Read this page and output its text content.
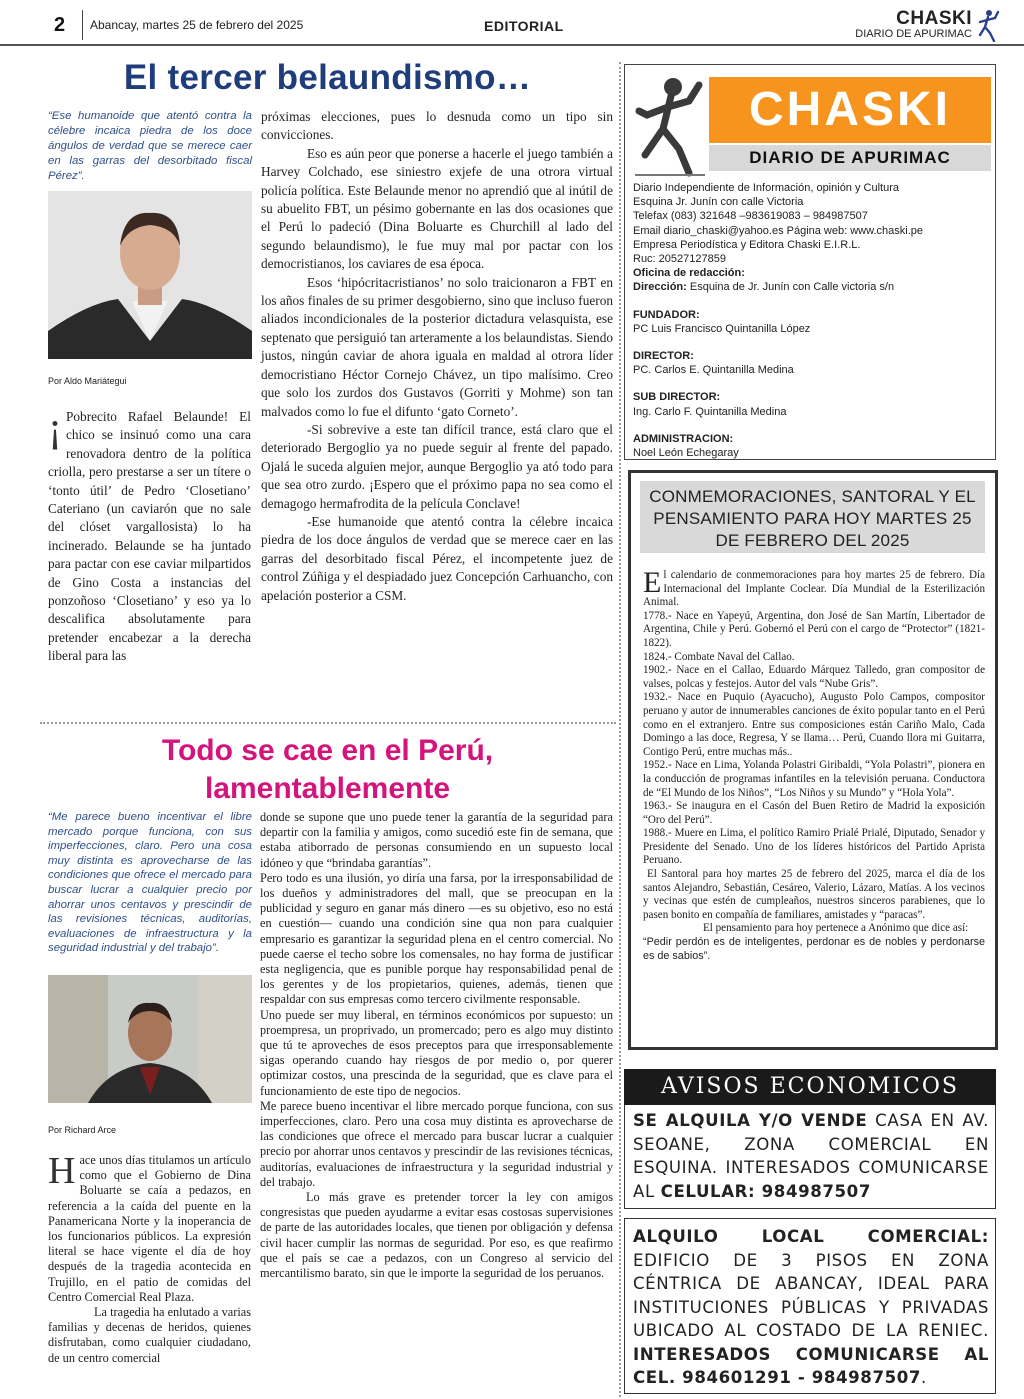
2 Abancay, martes 25 de febrero del 2025	EDITORIAL	CHASKI
DIARIO DE APURIMAC
El tercer belaundismo…
“Ese humanoide que atentó contra la célebre incaica piedra de los doce ángulos de verdad que se merece caer en las garras del desorbitado fiscal Pérez”.
Por Aldo Mariátegui
¡ Pobrecito Rafael Belaunde! El chico se insinuó como una cara renovadora dentro de la política criolla, pero prestarse a ser un títere o ‘tonto útil’ de Pedro ‘Closetiano’ Cateriano (un caviarón que no sale del clóset vargallosista) lo ha incinerado. Belaunde se ha juntado para pactar con ese caviar milpartidos de Gino Costa a instancias del ponzoñoso ‘Closetiano’ y eso ya lo descalifica absolutamente para pretender encabezar a la derecha liberal para las

próximas elecciones, pues lo desnuda como un tipo sin convicciones.

Eso es aún peor que ponerse a hacerle el juego también a Harvey Colchado, ese siniestro exjefe de una otrora virtual policía política. Este Belaunde menor no aprendió que al inútil de su abuelito FBT, un pésimo gobernante en las dos ocasiones que el Perú lo padeció (Dina Boluarte es Churchill al lado del segundo belaundismo), le fue muy mal por pactar con los democristianos, los caviares de esa época.

Esos ‘hipócritacristianos’ no solo traicionaron a FBT en los años finales de su primer desgobierno, sino que incluso fueron aliados incondicionales de la posterior dictadura velasquista, ese septenato que persiguió tan arteramente a los belaundistas. Siendo justos, ningún caviar de ahora iguala en maldad al otrora líder democristiano Héctor Cornejo Chávez, un tipo malísimo. Creo que solo los zurdos dos Gustavos (Gorriti y Mohme) son tan malvados como lo fue el difunto ‘gato Corneto’.

-Si sobrevive a este tan difícil trance, está claro que el deteriorado Bergoglio ya no puede seguir al frente del papado. Ojalá le suceda alguien mejor, aunque Bergoglio ya ató todo para que sea otro zurdo. ¡Espero que el próximo papa no sea como el demagogo hermafrodita de la película Conclave!

-Ese humanoide que atentó contra la célebre incaica piedra de los doce ángulos de verdad que se merece caer en las garras del desorbitado fiscal Pérez, el incompetente juez de control Zúñiga y el despiadado juez Concepción Carhuancho, con apelación posterior a CSM.

Todo se cae en el Perú, lamentablemente
“Me parece bueno incentivar el libre mercado porque funciona, con sus imperfecciones, claro. Pero una cosa muy distinta es aprovecharse de las condiciones que ofrece el mercado para buscar lucrar a cualquier precio por ahorrar unos centavos y prescindir de las revisiones técnicas, auditorías, evaluaciones de infraestructura y la seguridad industrial y del trabajo”.
Por Richard Arce
H ace unos días titulamos un artículo como que el Gobierno de Dina Boluarte se caía a pedazos, en referencia a la caída del puente en la Panamericana Norte y la inoperancia de los funcionarios públicos. La expresión literal se hace vigente el día de hoy después de la tragedia acontecida en Trujillo, en el patio de comidas del Centro Comercial Real Plaza.

La tragedia ha enlutado a varias familias y decenas de heridos, quienes disfrutaban, como cualquier ciudadano, de un centro comercial

donde se supone que uno puede tener la garantía de la seguridad para departir con la familia y amigos, como sucedió este fin de semana, que estaba atiborrado de personas consumiendo en un supuesto local idóneo y que “brindaba garantías”.

Pero todo es una ilusión, yo diría una farsa, por la irresponsabilidad de los dueños y administradores del mall, que se preocupan en la publicidad y seguro en ganar más dinero —es su objetivo, eso no está en cuestión— cuando una condición sine qua non para cualquier empresario es garantizar la seguridad plena en el centro comercial. No puede caerse el techo sobre los comensales, no hay forma de justificar esta negligencia, que es punible porque hay responsabilidad penal de los gerentes y de los propietarios, quienes, además, tienen que respaldar con sus empresas como tercero civilmente responsable.

Uno puede ser muy liberal, en términos económicos por supuesto: un proempresa, un proprivado, un promercado; pero es algo muy distinto que tú te aproveches de esos preceptos para que irresponsablemente sigas operando cuando hay riesgos de por medio o, por querer optimizar costos, una prescinda de la seguridad, que es clave para el funcionamiento de este tipo de negocios.

Me parece bueno incentivar el libre mercado porque funciona, con sus imperfecciones, claro. Pero una cosa muy distinta es aprovecharse de las condiciones que ofrece el mercado para buscar lucrar a cualquier precio por ahorrar unos centavos y prescindir de las revisiones técnicas, auditorías, evaluaciones de infraestructura y la seguridad industrial y del trabajo.

Lo más grave es pretender torcer la ley con amigos congresistas que pueden ayudarme a evitar esas costosas supervisiones de parte de las autoridades locales, que tienen por obligación y defensa civil hacer cumplir las normas de seguridad. Por eso, es que reafirmo que el país se cae a pedazos, con un Congreso al servicio del mercantilismo barato, sin que le importe la seguridad de los peruanos.

CHASKI
DIARIO DE APURIMAC
Diario Independiente de Información, opinión y Cultura
Esquina Jr. Junín con calle Victoria
Telefax (083) 321648 –983619083 – 984987507
Email diario_chaski@yahoo.es Página web: www.chaski.pe
Empresa Periodística y Editora Chaski E.I.R.L.
Ruc: 20527127859
Oficina de redacción:
Dirección: Esquina de Jr. Junín con Calle victoria s/n
FUNDADOR:
PC Luis Francisco Quintanilla López
DIRECTOR:
PC. Carlos E. Quintanilla Medina
SUB DIRECTOR:
Ing. Carlo F. Quintanilla Medina
ADMINISTRACION:
Noel León Echegaray
CONMEMORACIONES, SANTORAL Y EL PENSAMIENTO PARA HOY MARTES 25 DE FEBRERO DEL 2025
E l calendario de conmemoraciones para hoy martes 25 de febrero. Día Internacional del Implante Coclear. Día Mundial de la Esterilización Animal.

1778.- Nace en Yapeyú, Argentina, don José de San Martín, Libertador de Argentina, Chile y Perú. Gobernó el Perú con el cargo de “Protector” (1821-1822).

1824.- Combate Naval del Callao.

1902.- Nace en el Callao, Eduardo Márquez Talledo, gran compositor de valses, polcas y festejos. Autor del vals “Nube Gris”.

1932.- Nace en Puquio (Ayacucho), Augusto Polo Campos, compositor peruano y autor de innumerables canciones de éxito popular tanto en el Perú como en el extranjero. Entre sus composiciones están Cariño Malo, Cada Domingo a las doce, Regresa, Y se llama… Perú, Cuando llora mi Guitarra, Contigo Perú, entre muchas más..

1952.- Nace en Lima, Yolanda Polastri Giribaldi, “Yola Polastri”, pionera en la conducción de programas infantiles en la televisión peruana. Conductora de “El Mundo de los Niños”, “Los Niños y su Mundo” y “Hola Yola”.

1963.- Se inaugura en el Casón del Buen Retiro de Madrid la exposición “Oro del Perú”.

1988.- Muere en Lima, el político Ramiro Prialé Prialé, Diputado, Senador y Presidente del Senado. Uno de los líderes históricos del Partido Aprista Peruano.

El Santoral para hoy martes 25 de febrero del 2025, marca el día de los santos Alejandro, Sebastián, Cesáreo, Valerio, Lázaro, Matías. A los vecinos y vecinas que estén de cumpleaños, nuestros sinceros parabienes, que lo pasen bonito en compañía de familiares, amistades y “paracas”.

El pensamiento para hoy pertenece a Anónimo que dice así:

“Pedir perdón es de inteligentes, perdonar es de nobles y perdonarse es de sabios”.

AVISOS ECONOMICOS
SE ALQUILA Y/O VENDE CASA EN AV. SEOANE, ZONA COMERCIAL EN ESQUINA. INTERESADOS COMUNICARSE AL CELULAR: 984987507
ALQUILO LOCAL COMERCIAL: EDIFICIO DE 3 PISOS EN ZONA CÉNTRICA DE ABANCAY, IDEAL PARA INSTITUCIONES PÚBLICAS Y PRIVADAS UBICADO AL COSTADO DE LA RENIEC. INTERESADOS COMUNICARSE AL CEL. 984601291 - 984987507.
